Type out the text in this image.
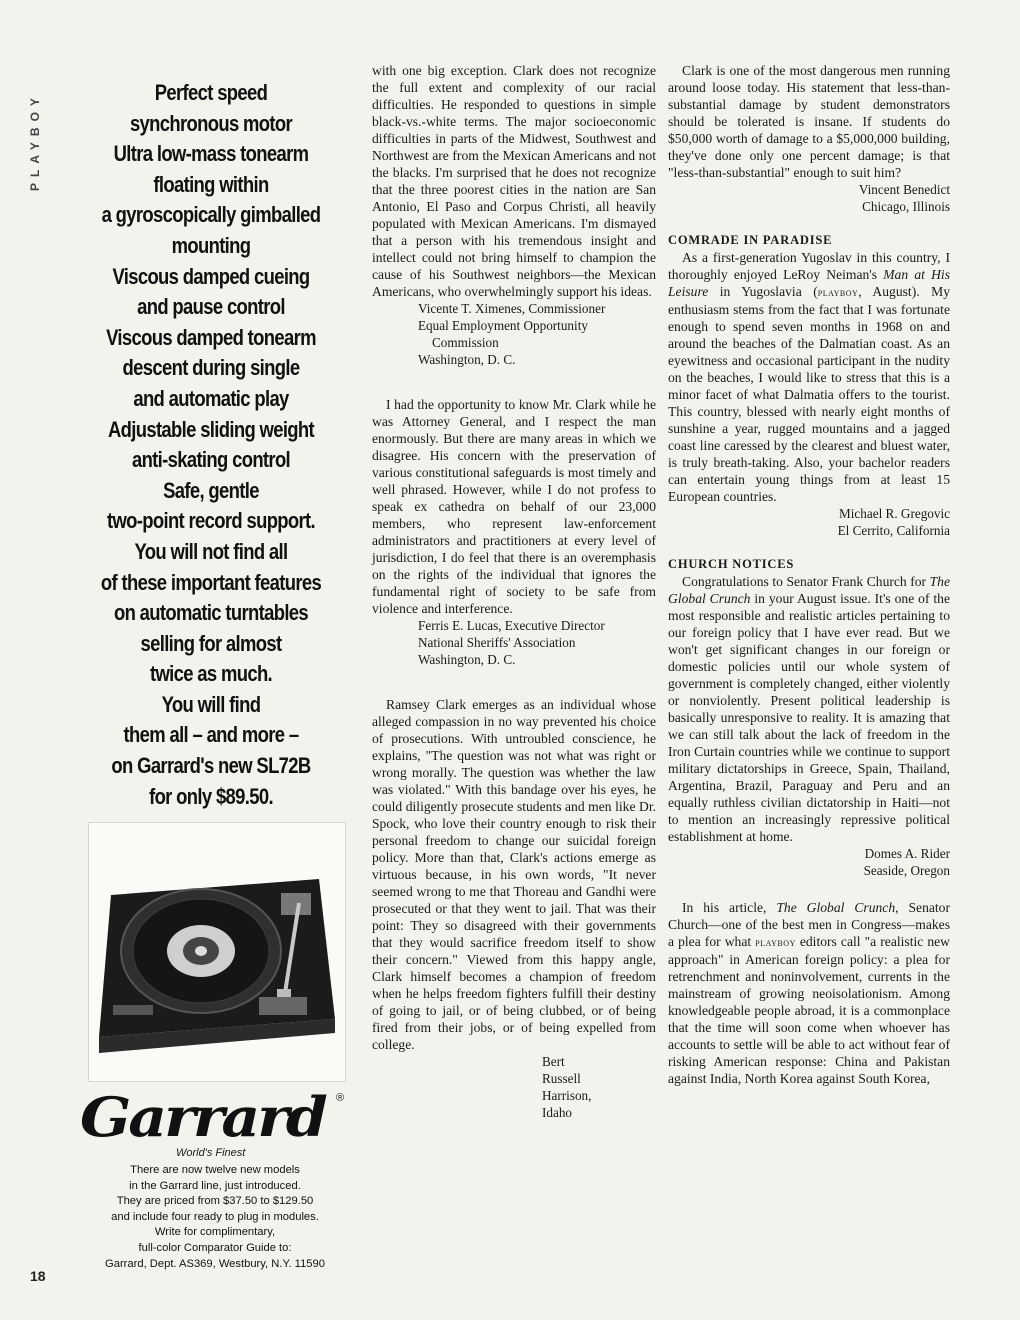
PLAYBOY
18
Perfect speed
synchronous motor
Ultra low-mass tonearm
floating within
a gyroscopically gimballed
mounting
Viscous damped cueing
and pause control
Viscous damped tonearm
descent during single
and automatic play
Adjustable sliding weight
anti-skating control
Safe, gentle
two-point record support.
You will not find all
of these important features
on automatic turntables
selling for almost
twice as much.
You will find
them all – and more –
on Garrard's new SL72B
for only $89.50.
Garrard ®
World's Finest
There are now twelve new models
in the Garrard line, just introduced.
They are priced from $37.50 to $129.50
and include four ready to plug in modules.
Write for complimentary,
full-color Comparator Guide to:
Garrard, Dept. AS369, Westbury, N.Y. 11590

with one big exception. Clark does not recognize the full extent and complexity of our racial difficulties. He responded to questions in simple black-vs.-white terms. The major socioeconomic difficulties in parts of the Midwest, Southwest and Northwest are from the Mexican Americans and not the blacks. I'm surprised that he does not recognize that the three poorest cities in the nation are San Antonio, El Paso and Corpus Christi, all heavily populated with Mexican Americans. I'm dismayed that a person with his tremendous insight and intellect could not bring himself to champion the cause of his Southwest neighbors—the Mexican Americans, who overwhelmingly support his ideas.

Vicente T. Ximenes, Commissioner
Equal Employment Opportunity
Commission
Washington, D. C.

I had the opportunity to know Mr. Clark while he was Attorney General, and I respect the man enormously. But there are many areas in which we disagree. His concern with the preservation of various constitutional safeguards is most timely and well phrased. However, while I do not profess to speak ex cathedra on behalf of our 23,000 members, who represent law-enforcement administrators and practitioners at every level of jurisdiction, I do feel that there is an overemphasis on the rights of the individual that ignores the fundamental right of society to be safe from violence and interference.

Ferris E. Lucas, Executive Director
National Sheriffs' Association
Washington, D. C.

Ramsey Clark emerges as an individual whose alleged compassion in no way prevented his choice of prosecutions. With untroubled conscience, he explains, "The question was not what was right or wrong morally. The question was whether the law was violated." With this bandage over his eyes, he could diligently prosecute students and men like Dr. Spock, who love their country enough to risk their personal freedom to change our suicidal foreign policy. More than that, Clark's actions emerge as virtuous because, in his own words, "It never seemed wrong to me that Thoreau and Gandhi were prosecuted or that they went to jail. That was their point: They so disagreed with their governments that they would sacrifice freedom itself to show their concern." Viewed from this happy angle, Clark himself becomes a champion of freedom when he helps freedom fighters fulfill their destiny of going to jail, or of being clubbed, or of being fired from their jobs, or of being expelled from college.

Bert Russell
Harrison, Idaho

Clark is one of the most dangerous men running around loose today. His statement that less-than-substantial damage by student demonstrators should be tolerated is insane. If students do $50,000 worth of damage to a $5,000,000 building, they've done only one percent damage; is that "less-than-substantial" enough to suit him?

Vincent Benedict
Chicago, Illinois
COMRADE IN PARADISE

As a first-generation Yugoslav in this country, I thoroughly enjoyed LeRoy Neiman's Man at His Leisure in Yugoslavia (playboy, August). My enthusiasm stems from the fact that I was fortunate enough to spend seven months in 1968 on and around the beaches of the Dalmatian coast. As an eyewitness and occasional participant in the nudity on the beaches, I would like to stress that this is a minor facet of what Dalmatia offers to the tourist. This country, blessed with nearly eight months of sunshine a year, rugged mountains and a jagged coast line caressed by the clearest and bluest water, is truly breath-taking. Also, your bachelor readers can entertain young things from at least 15 European countries.

Michael R. Gregovic
El Cerrito, California
CHURCH NOTICES

Congratulations to Senator Frank Church for The Global Crunch in your August issue. It's one of the most responsible and realistic articles pertaining to our foreign policy that I have ever read. But we won't get significant changes in our foreign or domestic policies until our whole system of government is completely changed, either violently or nonviolently. Present political leadership is basically unresponsive to reality. It is amazing that we can still talk about the lack of freedom in the Iron Curtain countries while we continue to support military dictatorships in Greece, Spain, Thailand, Argentina, Brazil, Paraguay and Peru and an equally ruthless civilian dictatorship in Haiti—not to mention an increasingly repressive political establishment at home.

Domes A. Rider
Seaside, Oregon

In his article, The Global Crunch, Senator Church—one of the best men in Congress—makes a plea for what playboy editors call "a realistic new approach" in American foreign policy: a plea for retrenchment and noninvolvement, currents in the mainstream of growing neoisolationism. Among knowledgeable people abroad, it is a commonplace that the time will soon come when whoever has accounts to settle will be able to act without fear of risking American response: China and Pakistan against India, North Korea against South Korea,
